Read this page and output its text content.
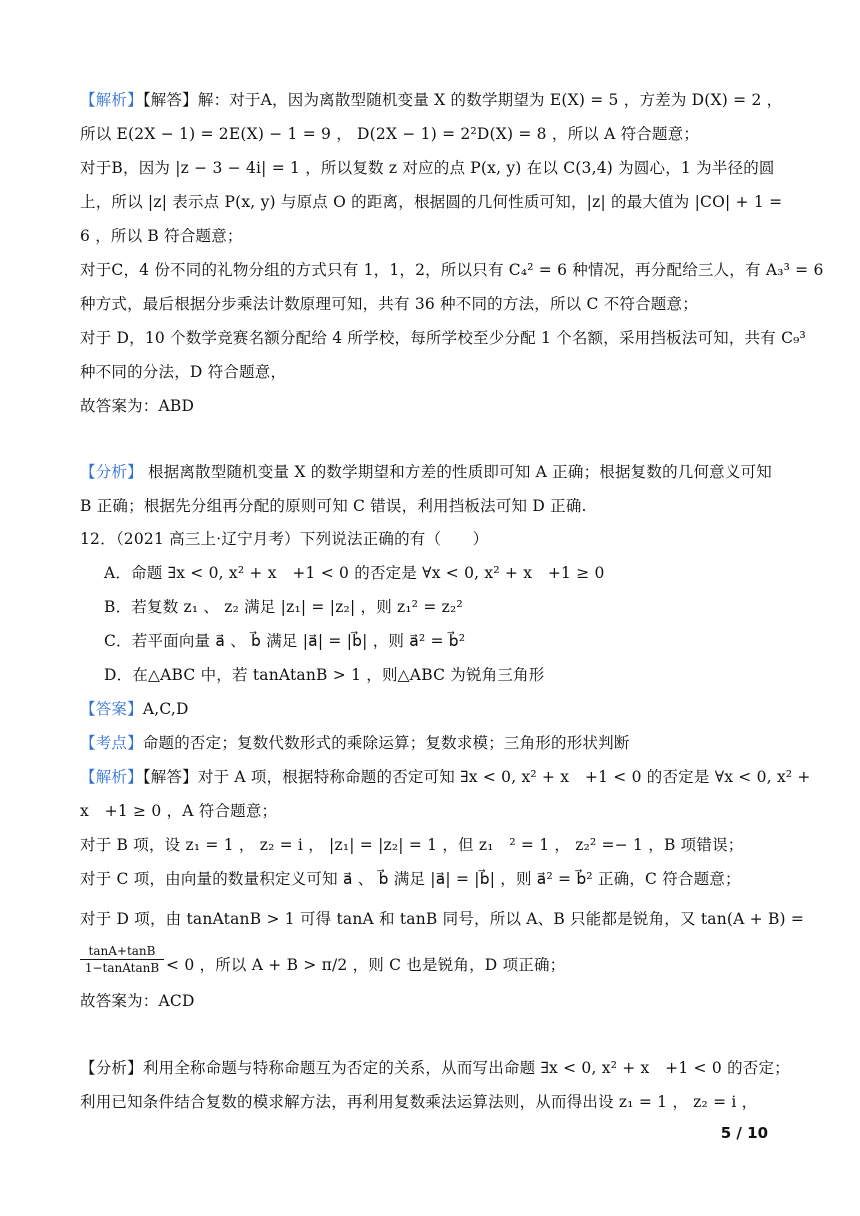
【解析】【解答】解：对于A，因为离散型随机变量 X 的数学期望为 E(X) = 5 ，方差为 D(X) = 2 ，
所以 E(2X − 1) = 2E(X) − 1 = 9 ， D(2X − 1) = 2²D(X) = 8 ，所以 A 符合题意；
对于B，因为 |z − 3 − 4i| = 1 ，所以复数 z 对应的点 P(x, y) 在以 C(3,4) 为圆心，1 为半径的圆
上，所以 |z| 表示点 P(x, y) 与原点 O 的距离，根据圆的几何性质可知，|z| 的最大值为 |CO| + 1 =
6 ，所以 B 符合题意；
对于C，4 份不同的礼物分组的方式只有 1，1，2，所以只有 C₄² = 6 种情况，再分配给三人，有 A₃³ = 6
种方式，最后根据分步乘法计数原理可知，共有 36 种不同的方法，所以 C 不符合题意；
对于 D，10 个数学竞赛名额分配给 4 所学校，每所学校至少分配 1 个名额，采用挡板法可知，共有 C₉³
种不同的分法，D 符合题意，
故答案为：ABD
【分析】 根据离散型随机变量 X 的数学期望和方差的性质即可知 A 正确；根据复数的几何意义可知
B 正确；根据先分组再分配的原则可知 C 错误，利用挡板法可知 D 正确.
12．（2021 高三上·辽宁月考）下列说法正确的有（　　）
A．命题 ∃x < 0, x² + x　+1 < 0 的否定是 ∀x < 0, x² + x　+1 ≥ 0
B．若复数 z₁ 、 z₂ 满足 |z₁| = |z₂| ，则 z₁² = z₂²
C．若平面向量 a⃗ 、 b⃗ 满足 |a⃗| = |b⃗| ，则 a⃗² = b⃗²
D．在△ABC 中，若 tanAtanB > 1 ，则△ABC 为锐角三角形
【答案】A,C,D
【考点】命题的否定；复数代数形式的乘除运算；复数求模；三角形的形状判断
【解析】【解答】对于 A 项，根据特称命题的否定可知 ∃x < 0, x² + x　+1 < 0 的否定是 ∀x < 0, x² +
x　+1 ≥ 0 ，A 符合题意；
对于 B 项，设 z₁ = 1 ， z₂ = i ， |z₁| = |z₂| = 1 ，但 z₁　² = 1 ， z₂² =− 1 ，B 项错误；
对于 C 项，由向量的数量积定义可知 a⃗ 、 b⃗ 满足 |a⃗| = |b⃗| ，则 a⃗² = b⃗² 正确，C 符合题意；
对于 D 项，由 tanAtanB > 1 可得 tanA 和 tanB 同号，所以 A、B 只能都是锐角，又 tan(A + B) =
$\frac{\tan A+\tan B}{\text{1−tanAtanB}} < 0$ ，所以 A + B > π/2 ，则 C 也是锐角，D 项正确；
故答案为：ACD
【分析】利用全称命题与特称命题互为否定的关系，从而写出命题 ∃x < 0, x² + x　+1 < 0 的否定；
利用已知条件结合复数的模求解方法，再利用复数乘法运算法则，从而得出设 z₁ = 1 ， z₂ = i ，
5 / 10
